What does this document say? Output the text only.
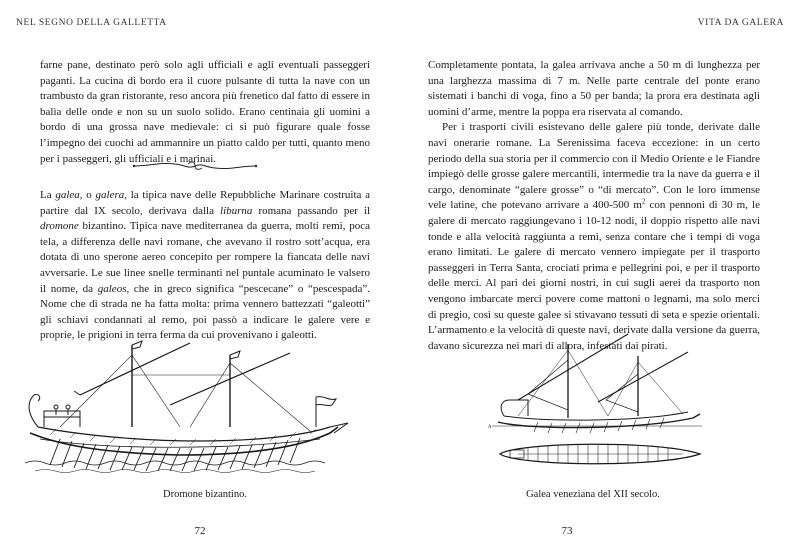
NEL SEGNO DELLA GALLETTA

farne pane, destinato però solo agli ufficiali e agli eventuali passeggeri paganti. La cucina di bordo era il cuore pulsante di tutta la nave con un trambusto da gran ristorante, reso ancora più frenetico dal fatto di essere in balìa delle onde e non su un suolo solido. Erano centinaia gli uomini a bordo di una grossa nave medievale: ci si può figurare quale fosse l’impegno dei cuochi ad ammannire un piatto caldo per tutti, quanto meno per i passeggeri, gli ufficiali e i marinai.

La galea, o galera, la tipica nave delle Repubbliche Marinare costruita a partire dal IX secolo, derivava dalla liburna romana passando per il dromone bizantino. Tipica nave mediterranea da guerra, molti remi, poca tela, a differenza delle navi romane, che avevano il rostro sott’acqua, era dotata di uno sperone aereo concepito per rompere la fiancata delle navi avversarie. Le sue linee snelle terminanti nel puntale acuminato le valsero il nome, da galeos, che in greco significa “pescecane” o “pescespada”. Nome che di strada ne ha fatta molta: prima vennero battezzati “galeotti” gli schiavi condannati al remo, poi passò a indicare le galere vere e proprie, le prigioni in terra ferma da cui provenivano i galeotti.

Dromone bizantino.
72
VITA DA GALERA

Completamente pontata, la galea arrivava anche a 50 m di lunghezza per una larghezza massima di 7 m. Nelle parte centrale del ponte erano sistemati i banchi di voga, fino a 50 per banda; la prora era destinata agli uomini d’arme, mentre la poppa era riservata al comando.

Per i trasporti civili esistevano delle galere più tonde, derivate dalle navi onerarie romane. La Serenissima faceva eccezione: in un certo periodo della sua storia per il commercio con il Medio Oriente e le Fiandre impiegò delle grosse galere mercantili, intermedie tra la nave da guerra e il cargo, denominate “galere grosse” o “di mercato”. Con le loro immense vele latine, che potevano arrivare a 400-500 $m^2$ con pennoni di 30 m, le galere di mercato raggiungevano i 10-12 nodi, il doppio rispetto alle navi tonde e alla velocità raggiunta a remi, senza contare che i tempi di voga erano limitati. Le galere di mercato vennero impiegate per il trasporto passeggeri in Terra Santa, crociati prima e pellegrini poi, e per il trasporto delle merci. Al pari dei giorni nostri, in cui sugli aerei da trasporto non vengono imbarcate merci povere come mattoni o legnami, ma solo merci di pregio, così su queste galee si stivavano tessuti di seta e spezie orientali. L’armamento e la velocità di queste navi, derivate dalla versione da guerra, davano sicurezza nei mari di allora, infestati dai pirati.

A
Galea veneziana del XII secolo.
73
